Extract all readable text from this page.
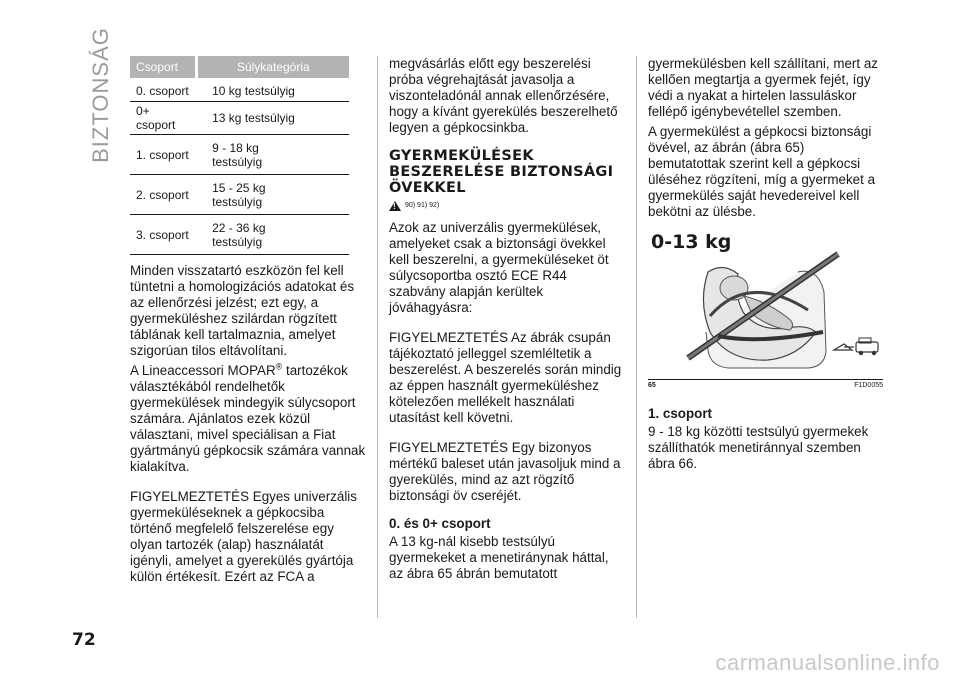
BIZTONSÁG Csoport	Súlykategória
0. csoport	10 kg testsúlyig
0+ csoport	13 kg testsúlyig
1. csoport	9 - 18 kg testsúlyig
2. csoport	15 - 25 kg testsúlyig
3. csoport	22 - 36 kg testsúlyig

Minden visszatartó eszközön fel kell tüntetni a homologizációs adatokat és az ellenőrzési jelzést; ezt egy, a gyermeküléshez szilárdan rögzített táblának kell tartalmaznia, amelyet szigorúan tilos eltávolítani.

A Lineaccessori MOPAR® tartozékok választékából rendelhetők gyermekülések mindegyik súlycsoport számára. Ajánlatos ezek közül választani, mivel speciálisan a Fiat gyártmányú gépkocsik számára vannak kialakítva.

FIGYELMEZTETÉS Egyes univerzális gyermeküléseknek a gépkocsiba történő megfelelő felszerelése egy olyan tartozék (alap) használatát igényli, amelyet a gyerekülés gyártója külön értékesít. Ezért az FCA a

megvásárlás előtt egy beszerelési próba végrehajtását javasolja a viszonteladónál annak ellenőrzésére, hogy a kívánt gyerekülés beszerelhető legyen a gépkocsinkba.

GYERMEKÜLÉSEK BESZERELÉSE BIZTONSÁGI ÖVEKKEL
!
90) 91) 92)

Azok az univerzális gyermekülések, amelyeket csak a biztonsági övekkel kell beszerelni, a gyermeküléseket öt súlycsoportba osztó ECE R44 szabvány alapján kerültek jóváhagyásra:

FIGYELMEZTETÉS Az ábrák csupán tájékoztató jelleggel szemléltetik a beszerelést. A beszerelés során mindig az éppen használt gyermeküléshez kötelezően mellékelt használati utasítást kell követni.

FIGYELMEZTETÉS Egy bizonyos mértékű baleset után javasoljuk mind a gyerekülés, mind az azt rögzítő biztonsági öv cseréjét.

0. és 0+ csoport

A 13 kg-nál kisebb testsúlyú gyermekeket a menetiránynak háttal, az ábra 65 ábrán bemutatott

gyermekülésben kell szállítani, mert az kellően megtartja a gyermek fejét, így védi a nyakat a hirtelen lassuláskor fellépő igénybevétellel szemben.

A gyermekülést a gépkocsi biztonsági övével, az ábrán (ábra 65) bemutatottak szerint kell a gépkocsi üléséhez rögzíteni, míg a gyermeket a gyermekülés saját hevedereivel kell bekötni az ülésbe.

0-13 kg
65	F1D0055
1. csoport

9 - 18 kg közötti testsúlyú gyermekek szállíthatók menetiránnyal szemben ábra 66.

72
carmanualsonline.info
